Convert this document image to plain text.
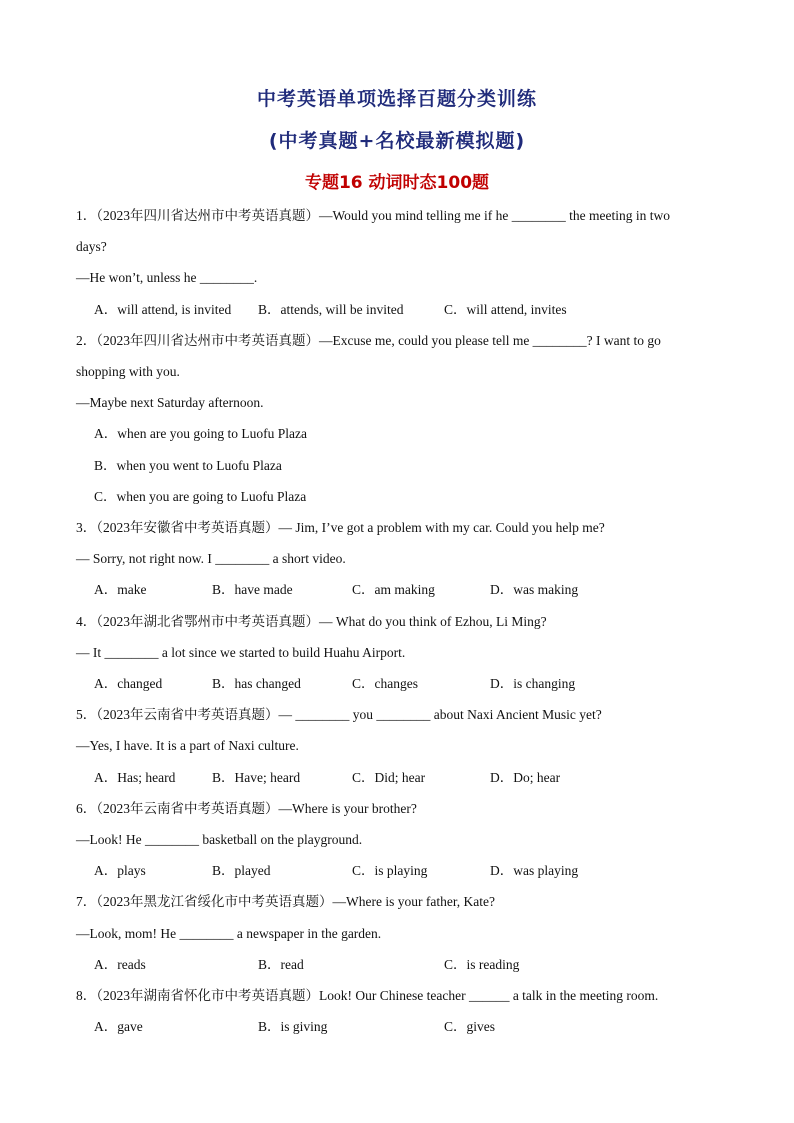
中考英语单项选择百题分类训练
(中考真题+名校最新模拟题)
专题16 动词时态100题
1．（2023年四川省达州市中考英语真题）—Would you mind telling me if he ________ the meeting in two
days?
—He won’t, unless he ________.
A．will attend, is invited B．attends, will be invited	C．will attend, invites
2．（2023年四川省达州市中考英语真题）—Excuse me, could you please tell me ________? I want to go
shopping with you.
—Maybe next Saturday afternoon.
A．when are you going to Luofu Plaza
B．when you went to Luofu Plaza
C．when you are going to Luofu Plaza
3．（2023年安徽省中考英语真题）— Jim, I’ve got a problem with my car. Could you help me?
— Sorry, not right now. I ________ a short video.
A．make	B．have made	C．am making	D．was making
4．（2023年湖北省鄂州市中考英语真题）— What do you think of Ezhou, Li Ming?
— It ________ a lot since we started to build Huahu Airport.
A．changed	B．has changed	C．changes	D．is changing
5．（2023年云南省中考英语真题）— ________ you ________ about Naxi Ancient Music yet?
—Yes, I have. It is a part of Naxi culture.
A．Has; heard	B．Have; heard	C．Did; hear	D．Do; hear
6．（2023年云南省中考英语真题）—Where is your brother?
—Look! He ________ basketball on the playground.
A．plays	B．played	C．is playing	D．was playing
7．（2023年黑龙江省绥化市中考英语真题）—Where is your father, Kate?
—Look, mom! He ________ a newspaper in the garden.
A．reads	B．read	C．is reading
8．（2023年湖南省怀化市中考英语真题）Look! Our Chinese teacher ______ a talk in the meeting room.
A．gave	B．is giving	C．gives
